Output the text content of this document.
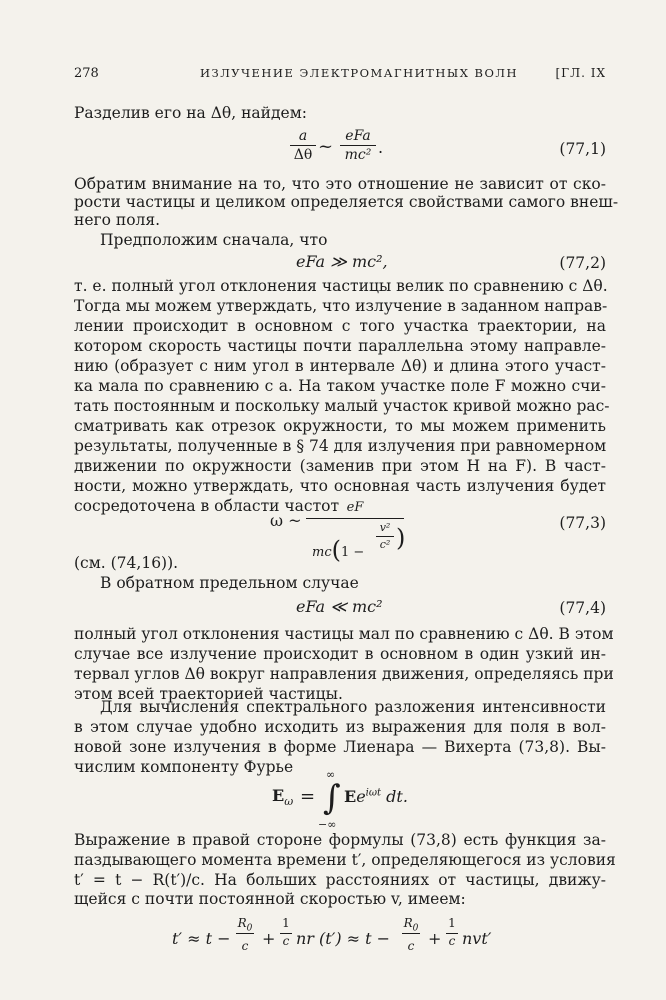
278	ИЗЛУЧЕНИЕ ЭЛЕКТРОМАГНИТНЫХ ВОЛН	[ГЛ. IX
Разделив его на Δθ, найдем:
a
Δθ ~ eFa
mc² .	(77,1)
Обратим внимание на то, что это отношение не зависит от ско-
рости частицы и целиком определяется свойствами самого внеш-
него поля.
Предположим сначала, что
eFa ≫ mc²,	(77,2)
т. е. полный угол отклонения частицы велик по сравнению с Δθ.
Тогда мы можем утверждать, что излучение в заданном направ-
лении происходит в основном с того участка траектории, на
котором скорость частицы почти параллельна этому направле-
нию (образует с ним угол в интервале Δθ) и длина этого участ-
ка мала по сравнению с a. На таком участке поле F можно счи-
тать постоянным и поскольку малый участок кривой можно рас-
сматривать как отрезок окружности, то мы можем применить
результаты, полученные в § 74 для излучения при равномерном
движении по окружности (заменив при этом H на F). В част-
ности, можно утверждать, что основная часть излучения будет
сосредоточена в области частот
ω ~
eF
mc(1 −
v²
c² )
(77,3)
(см. (74,16)).
В обратном предельном случае
eFa ≪ mc²	(77,4)
полный угол отклонения частицы мал по сравнению с Δθ. В этом
случае все излучение происходит в основном в один узкий ин-
тервал углов Δθ вокруг направления движения, определяясь при
этом всей траекторией частицы.
Для вычисления спектрального разложения интенсивности
в этом случае удобно исходить из выражения для поля в вол-
новой зоне излучения в форме Лиенара — Вихерта (73,8). Вы-
числим компоненту Фурье
$E_\omega$ =
∞
∫
−∞
$Ee^{i\omega t}$ dt.
Выражение в правой стороне формулы (73,8) есть функция за-
паздывающего момента времени t′, определяющегося из условия
t′ = t − R(t′)/c. На больших расстояниях от частицы, движу-
щейся с почти постоянной скоростью v, имеем:
t′ ≈ t −
$R_0$
c +
1
c nr (t′) ≈ t −
$R_0$
c +
1
c nvt′
